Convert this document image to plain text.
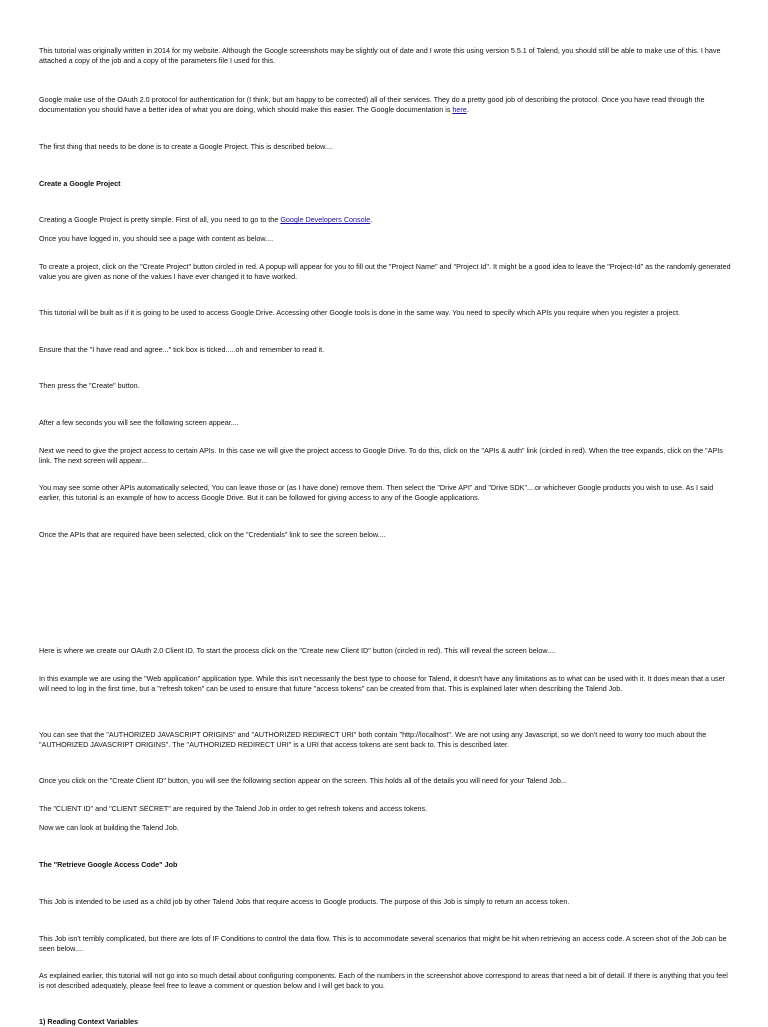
This tutorial was originally written in 2014 for my website. Although the Google screenshots may be slightly out of date and I wrote this using version 5.5.1 of Talend, you should still be able to make use of this. I have attached a copy of the job and a copy of the parameters file I used for this.

Google make use of the OAuth 2.0 protocol for authentication for (I think, but am happy to be corrected) all of their services. They do a pretty good job of describing the protocol. Once you have read through the documentation you should have a better idea of what you are doing, which should make this easier. The Google documentation is here.

The first thing that needs to be done is to create a Google Project. This is described below....

Create a Google Project

Creating a Google Project is pretty simple. First of all, you need to go to the Google Developers Console.

Once you have logged in, you should see a page with content as below....

To create a project, click on the "Create Project" button circled in red. A popup will appear for you to fill out the "Project Name" and "Project Id". It might be a good idea to leave the "Project-Id" as the randomly generated value you are given as none of the values I have ever changed it to have worked.

This tutorial will be built as if it is going to be used to access Google Drive. Accessing other Google tools is done in the same way. You need to specify which APIs you require when you register a project.

Ensure that the "I have read and agree..." tick box is ticked.....oh and remember to read it.

Then press the "Create" button.

After a few seconds you will see the following screen appear....

Next we need to give the project access to certain APIs. In this case we will give the project access to Google Drive. To do this, click on the "APIs & auth" link (circled in red). When the tree expands, click on the "APIs link. The next screen will appear...

You may see some other APIs automatically selected, You can leave those or (as I have done) remove them. Then select the "Drive API" and "Drive SDK"....or whichever Google products you wish to use. As I said earlier, this tutorial is an example of how to access Google Drive. But it can be followed for giving access to any of the Google applications.

Once the APIs that are required have been selected, click on the "Credentials" link to see the screen below....

Here is where we create our OAuth 2.0 Client ID. To start the process click on the "Create new Client ID" button (circled in red). This will reveal the screen below....

In this example we are using the "Web application" application type. While this isn't necessarily the best type to choose for Talend, it doesn't have any limitations as to what can be used with it. It does mean that a user will need to log in the first time, but a "refresh token" can be used to ensure that future "access tokens" can be created from that. This is explained later when describing the Talend Job.

You can see that the "AUTHORIZED JAVASCRIPT ORIGINS" and "AUTHORIZED REDIRECT URI" both contain "http://localhost". We are not using any Javascript, so we don't need to worry too much about the "AUTHORIZED JAVASCRIPT ORIGINS". The "AUTHORIZED REDIRECT URI" is a URI that access tokens are sent back to. This is described later.

Once you click on the "Create Client ID" button, you will see the following section appear on the screen. This holds all of the details you will need for your Talend Job...

The "CLIENT ID" and "CLIENT SECRET" are required by the Talend Job in order to get refresh tokens and access tokens.

Now we can look at building the Talend Job.

The "Retrieve Google Access Code" Job

This Job is intended to be used as a child job by other Talend Jobs that require access to Google products. The purpose of this Job is simply to return an access token.

This Job isn't terribly complicated, but there are lots of IF Conditions to control the data flow. This is to accommodate several scenarios that might be hit when retrieving an access code. A screen shot of the Job can be seen below....

As explained earlier, this tutorial will not go into so much detail about configuring components. Each of the numbers in the screenshot above correspond to areas that need a bit of detail. If there is anything that you feel is not described adequately, please feel free to leave a comment or question below and I will get back to you.

1) Reading Context Variables
